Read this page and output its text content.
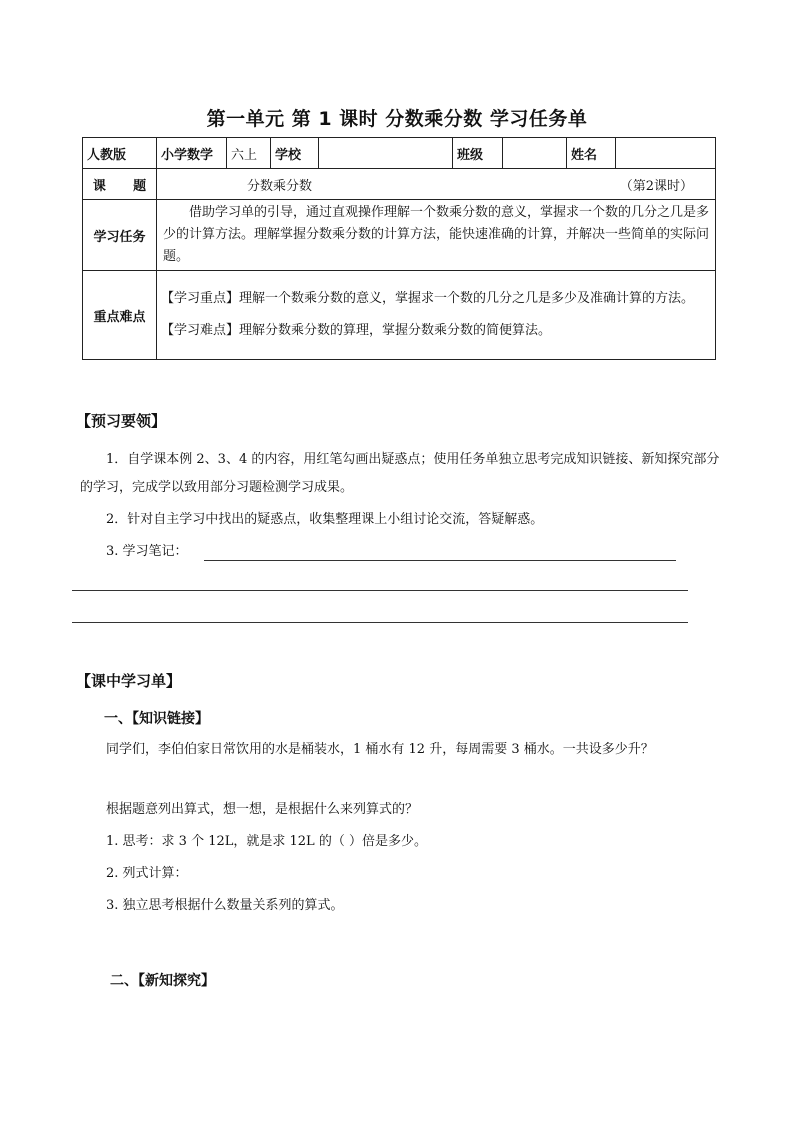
第一单元 第 1 课时 分数乘分数 学习任务单
人教版	小学数学	六上	学校		班级		姓名	
课      题	分数乘分数 （第2课时）							

学习任务	借助学习单的引导，通过直观操作理解一个数乘分数的意义，掌握求一个数的几分之几是多少的计算方法。理解掌握分数乘分数的计算方法，能快速准确的计算，并解决一些简单的实际问题。							

重点难点	【学习重点】理解一个数乘分数的意义，掌握求一个数的几分之几是多少及准确计算的方法。

【学习难点】理解分数乘分数的算理，掌握分数乘分数的简便算法。							

【预习要领】
1．自学课本例 2、3、4 的内容，用红笔勾画出疑惑点；使用任务单独立思考完成知识链接、新知探究部分的学习，完成学以致用部分习题检测学习成果。
2．针对自主学习中找出的疑惑点，收集整理课上小组讨论交流，答疑解惑。
3. 学习笔记：
【课中学习单】
一、【知识链接】
同学们，李伯伯家日常饮用的水是桶装水，1 桶水有 12 升，每周需要 3 桶水。一共设多少升？
根据题意列出算式，想一想，是根据什么来列算式的？
1. 思考：求 3 个 12L，就是求 12L 的（ ）倍是多少。
2. 列式计算：
3. 独立思考根据什么数量关系列的算式。
二、【新知探究】
